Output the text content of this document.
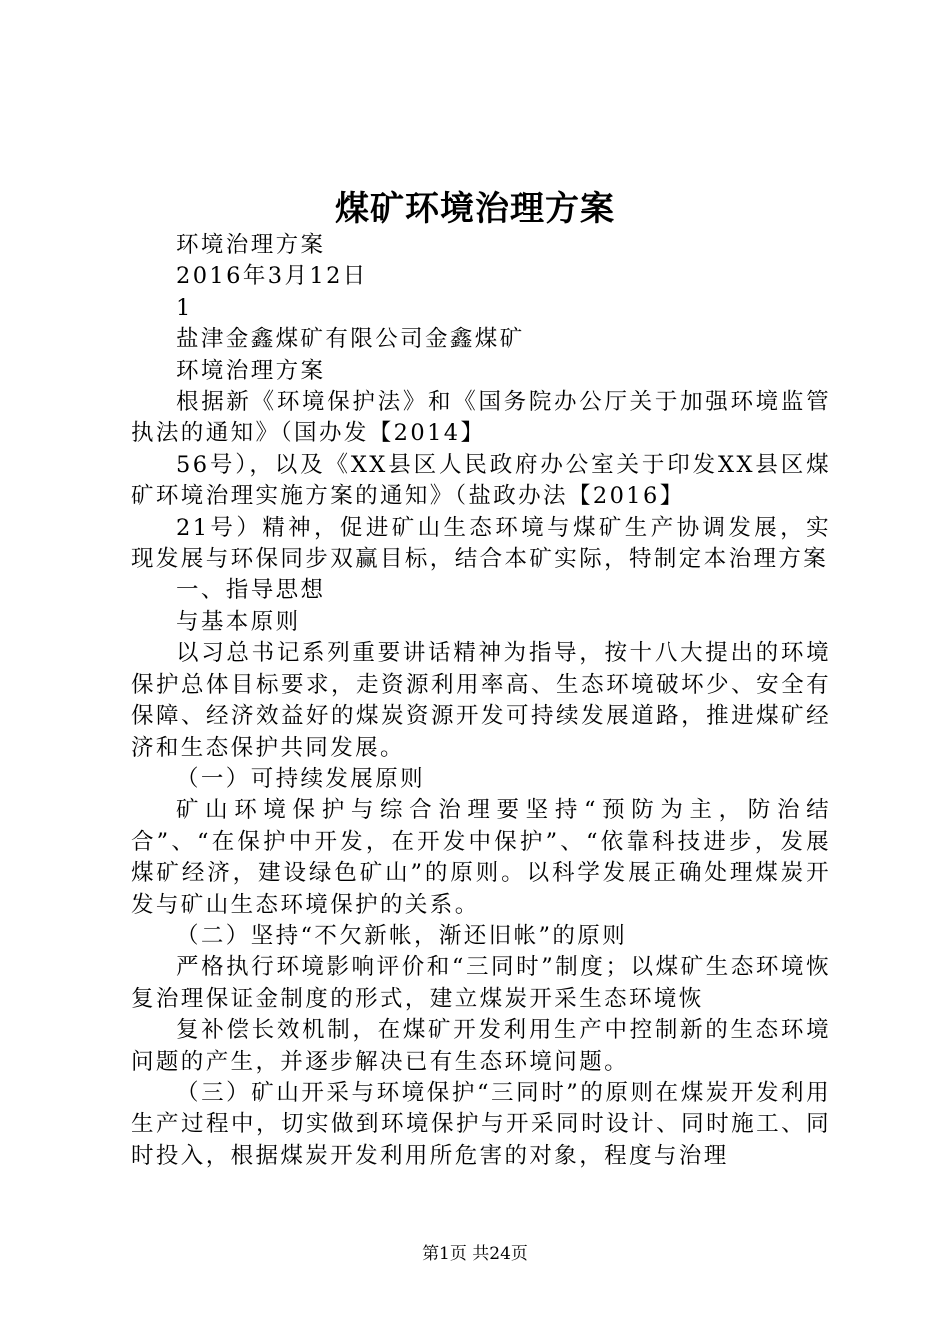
煤矿环境治理方案

环境治理方案

2016年3月12日

1

盐津金鑫煤矿有限公司金鑫煤矿

环境治理方案

根据新《环境保护法》和《国务院办公厅关于加强环境监管执法的通知》（国办发【2014】

56号），以及《XX县区人民政府办公室关于印发XX县区煤矿环境治理实施方案的通知》（盐政办法【2016】

21号）精神，促进矿山生态环境与煤矿生产协调发展，实现发展与环保同步双赢目标，结合本矿实际，特制定本治理方案

一、指导思想

与基本原则

以习总书记系列重要讲话精神为指导，按十八大提出的环境保护总体目标要求，走资源利用率高、生态环境破坏少、安全有保障、经济效益好的煤炭资源开发可持续发展道路，推进煤矿经济和生态保护共同发展。

（一）可持续发展原则

矿山环境保护与综合治理要坚持“预防为主，防治结合”、“在保护中开发，在开发中保护”、“依靠科技进步，发展煤矿经济，建设绿色矿山”的原则。以科学发展正确处理煤炭开发与矿山生态环境保护的关系。

（二）坚持“不欠新帐，渐还旧帐”的原则

严格执行环境影响评价和“三同时”制度；以煤矿生态环境恢复治理保证金制度的形式，建立煤炭开采生态环境恢

复补偿长效机制，在煤矿开发利用生产中控制新的生态环境问题的产生，并逐步解决已有生态环境问题。

（三）矿山开采与环境保护“三同时”的原则在煤炭开发利用生产过程中，切实做到环境保护与开采同时设计、同时施工、同时投入，根据煤炭开发利用所危害的对象，程度与治理

第1页 共24页
